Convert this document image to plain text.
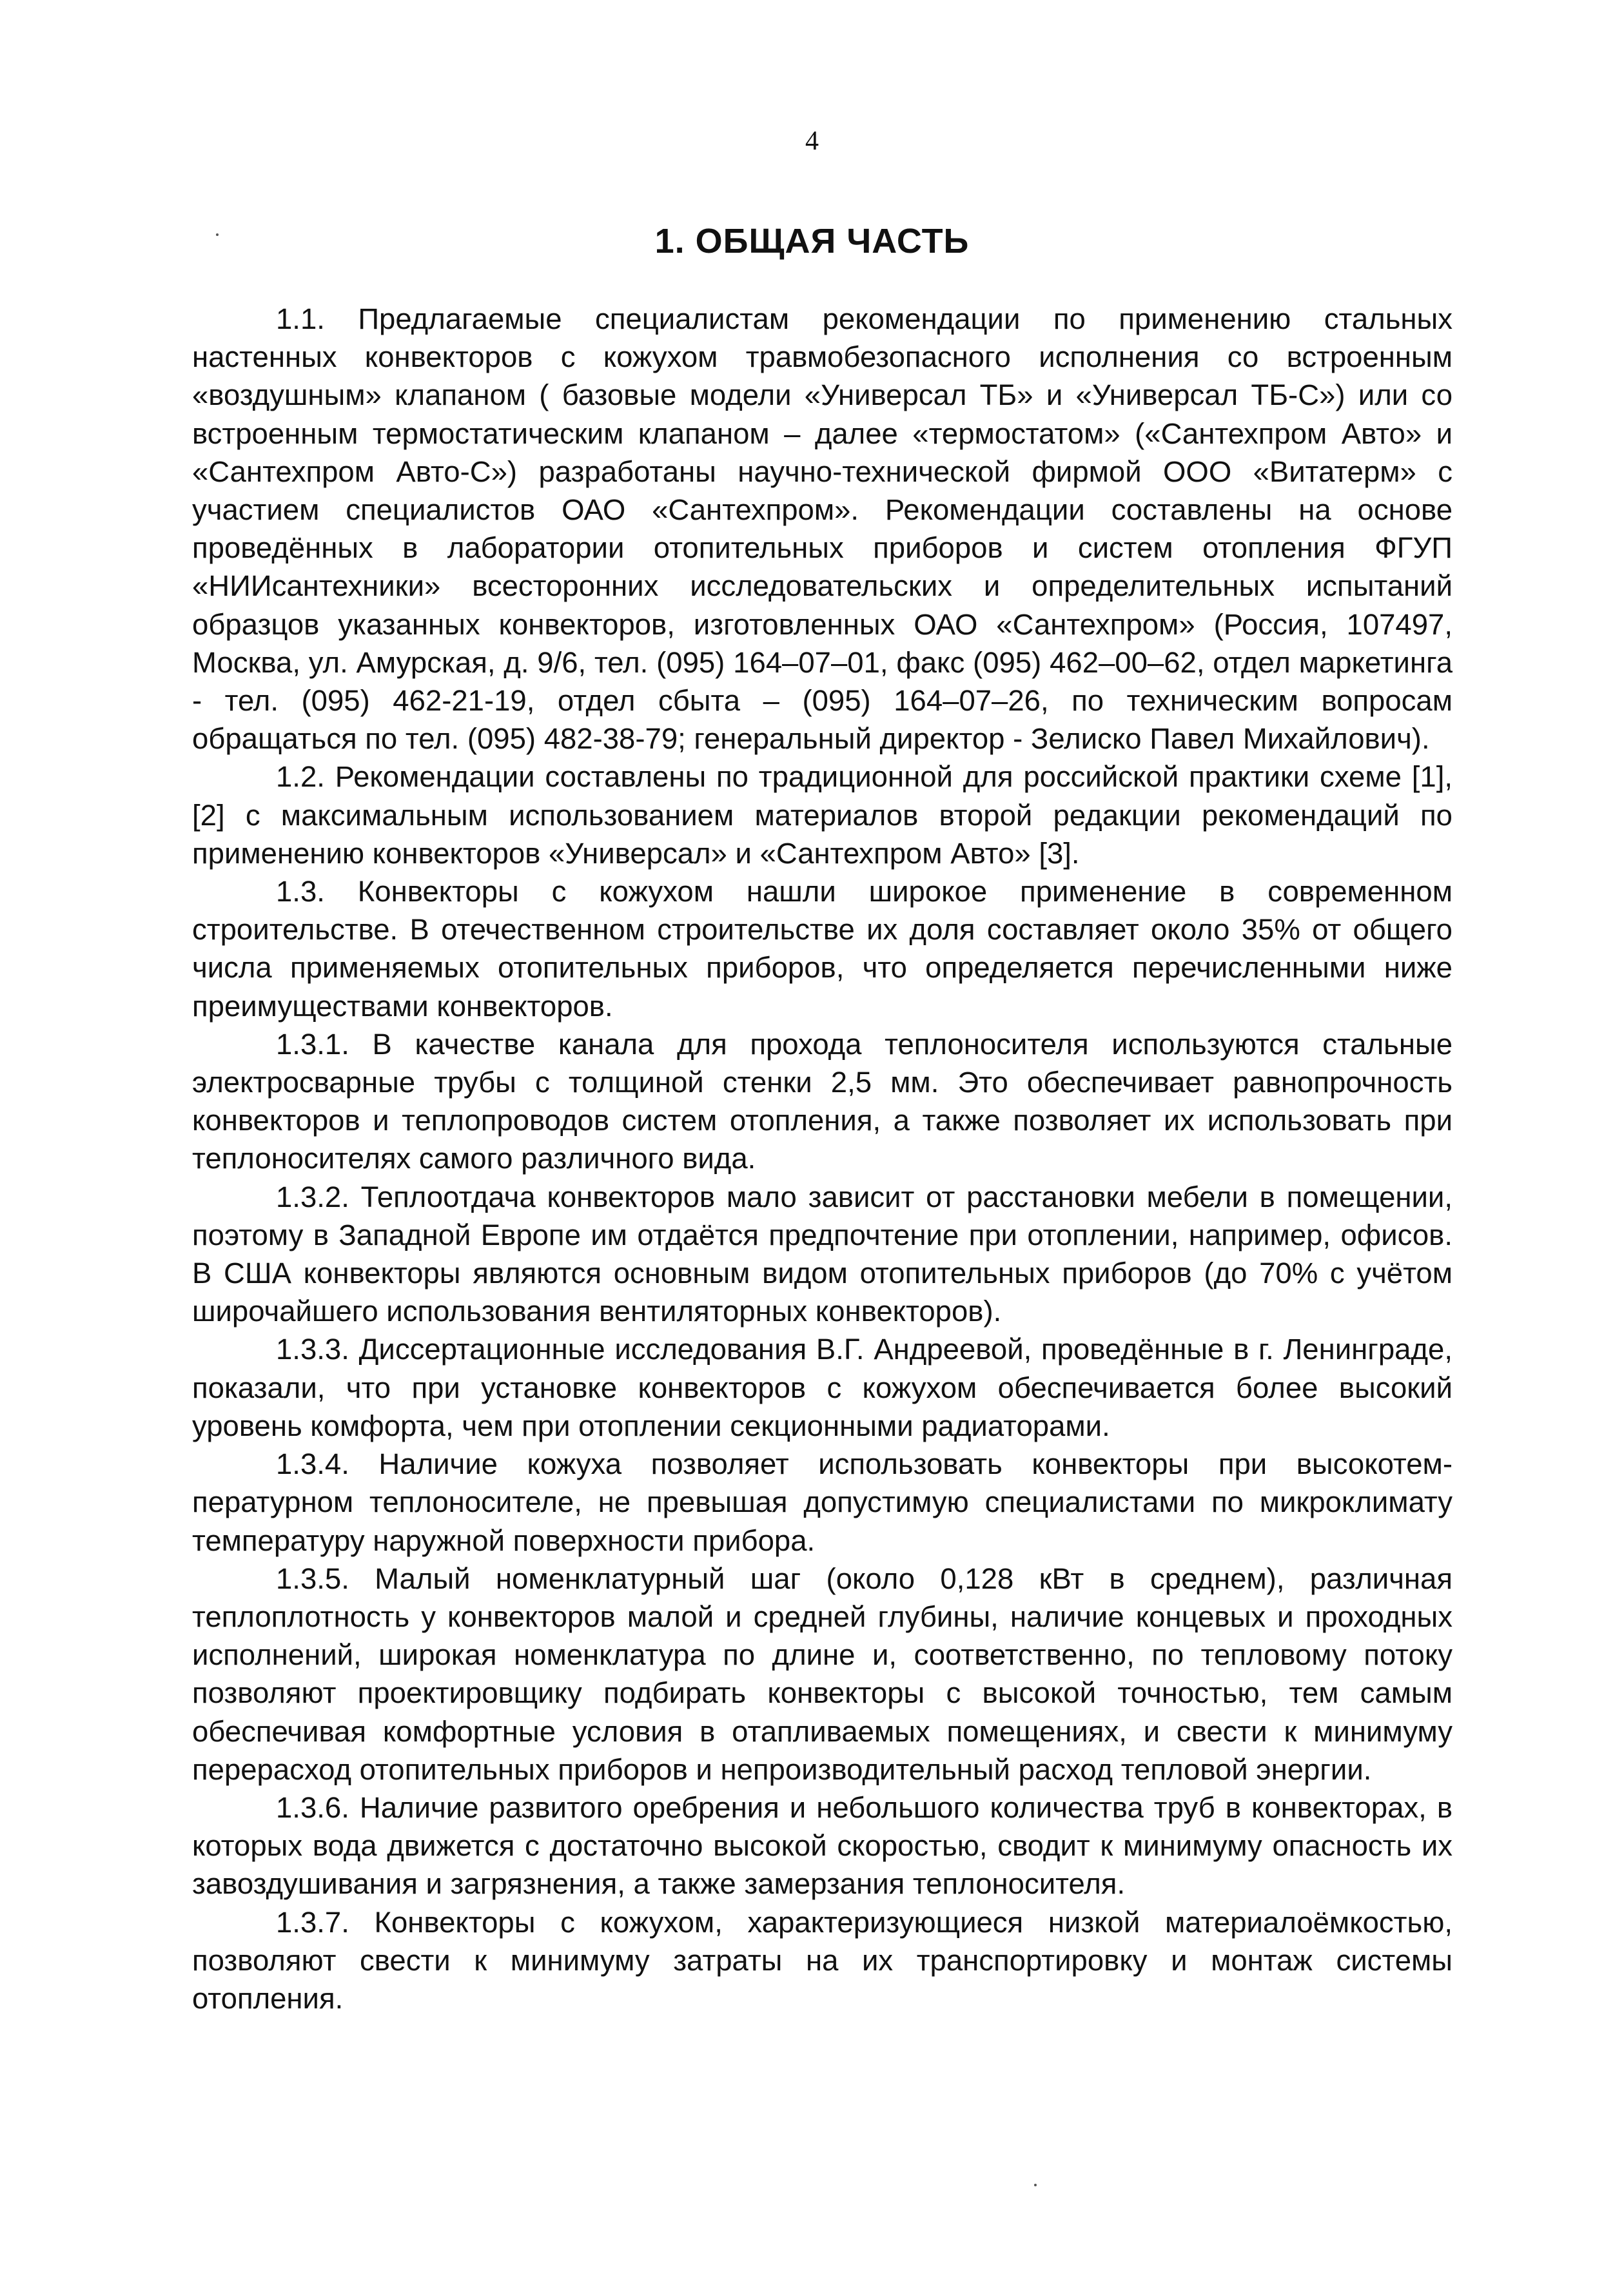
4
1. ОБЩАЯ ЧАСТЬ

1.1. Предлагаемые специалистам рекомендации по применению стальных настенных конвекторов с кожухом травмобезопасного исполнения со встроенным «воздушным» клапаном ( базовые модели «Универсал ТБ» и «Универсал ТБ-С») или со встроенным термостатическим клапаном – далее «термостатом» («Сантехпром Авто» и «Сантехпром Авто-С») разработаны научно-технической фирмой ООО «Витатерм» с участием специалистов ОАО «Сантехпром». Рекомендации составлены на основе проведённых в лаборатории отопительных приборов и систем отопления ФГУП «НИИсантехники» всесторонних исследовательских и определительных испытаний образцов указанных конвекторов, изготовленных ОАО «Сантехпром» (Россия, 107497, Москва, ул. Амурская, д. 9/6, тел. (095) 164–07–01, факс (095) 462–00–62, отдел маркетинга - тел. (095) 462-21-19, отдел сбыта – (095) 164–07–26, по техническим вопросам обращаться по тел. (095) 482-38-79; генеральный директор - Зелиско Павел Михайлович).

1.2. Рекомендации составлены по традиционной для российской практики схеме [1], [2] с максимальным использованием материалов второй редакции рекомендаций по применению конвекторов «Универсал» и «Сантехпром Авто» [3].

1.3. Конвекторы с кожухом нашли широкое применение в современном строительстве. В отечественном строительстве их доля составляет около 35% от общего числа применяемых отопительных приборов, что определяется перечисленными ниже преимуществами конвекторов.

1.3.1. В качестве канала для прохода теплоносителя используются стальные электросварные трубы с толщиной стенки 2,5 мм. Это обеспечивает равнопрочность конвекторов и теплопроводов систем отопления, а также позволяет их использовать при теплоносителях самого различного вида.

1.3.2. Теплоотдача конвекторов мало зависит от расстановки мебели в помещении, поэтому в Западной Европе им отдаётся предпочтение при отоплении, например, офисов. В США конвекторы являются основным видом отопительных приборов (до 70% с учётом широчайшего использования вентиляторных конвекторов).

1.3.3. Диссертационные исследования В.Г. Андреевой, проведённые в г. Ленинграде, показали, что при установке конвекторов с кожухом обеспечивается более высокий уровень комфорта, чем при отоплении секционными радиаторами.

1.3.4. Наличие кожуха позволяет использовать конвекторы при высокотемпературном теплоносителе, не превышая допустимую специалистами по микроклимату температуру наружной поверхности прибора.

1.3.5. Малый номенклатурный шаг (около 0,128 кВт в среднем), различная теплоплотность у конвекторов малой и средней глубины, наличие концевых и проходных исполнений, широкая номенклатура по длине и, соответственно, по тепловому потоку позволяют проектировщику подбирать конвекторы с высокой точностью, тем самым обеспечивая комфортные условия в отапливаемых помещениях, и свести к минимуму перерасход отопительных приборов и непроизводительный расход тепловой энергии.

1.3.6. Наличие развитого оребрения и небольшого количества труб в конвекторах, в которых вода движется с достаточно высокой скоростью, сводит к минимуму опасность их завоздушивания и загрязнения, а также замерзания теплоносителя.

1.3.7. Конвекторы с кожухом, характеризующиеся низкой материалоёмкостью, позволяют свести к минимуму затраты на их транспортировку и монтаж системы отопления.
